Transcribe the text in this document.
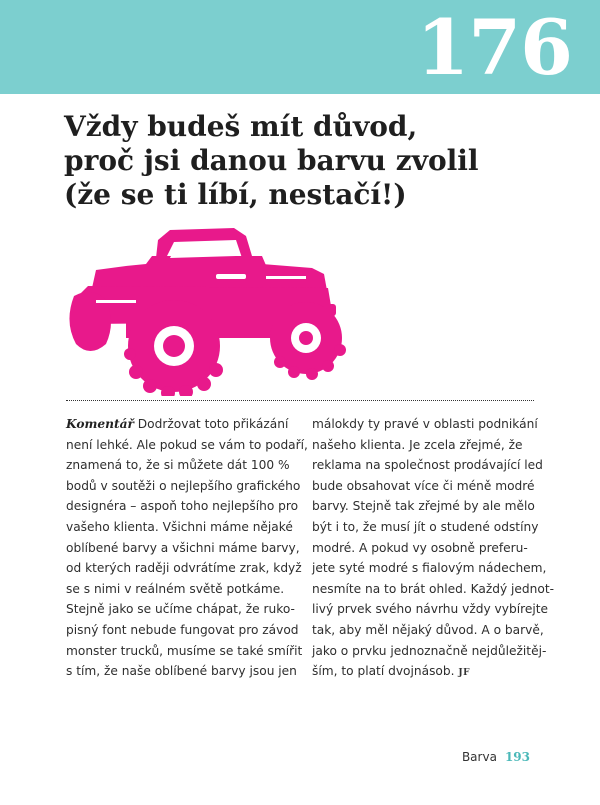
176
Vždy budeš mít důvod,
proč jsi danou barvu zvolil
(že se ti líbí, nestačí!)
Komentář Dodržovat toto přikázání
není lehké. Ale pokud se vám to podaří,
znamená to, že si můžete dát 100 %
bodů v soutěži o nejlepšího grafického
designéra – aspoň toho nejlepšího pro
vašeho klienta. Všichni máme nějaké
oblíbené barvy a všichni máme barvy,
od kterých raději odvrátíme zrak, když
se s nimi v reálném světě potkáme.
Stejně jako se učíme chápat, že ruko-
pisný font nebude fungovat pro závod
monster trucků, musíme se také smířit
s tím, že naše oblíbené barvy jsou jen
málokdy ty pravé v oblasti podnikání
našeho klienta. Je zcela zřejmé, že
reklama na společnost prodávající led
bude obsahovat více či méně modré
barvy. Stejně tak zřejmé by ale mělo
být i to, že musí jít o studené odstíny
modré. A pokud vy osobně preferu-
jete syté modré s fialovým nádechem,
nesmíte na to brát ohled. Každý jednot-
livý prvek svého návrhu vždy vybírejte
tak, aby měl nějaký důvod. A o barvě,
jako o prvku jednoznačně nejdůležitěj-
ším, to platí dvojnásob. JF
Barva 193
